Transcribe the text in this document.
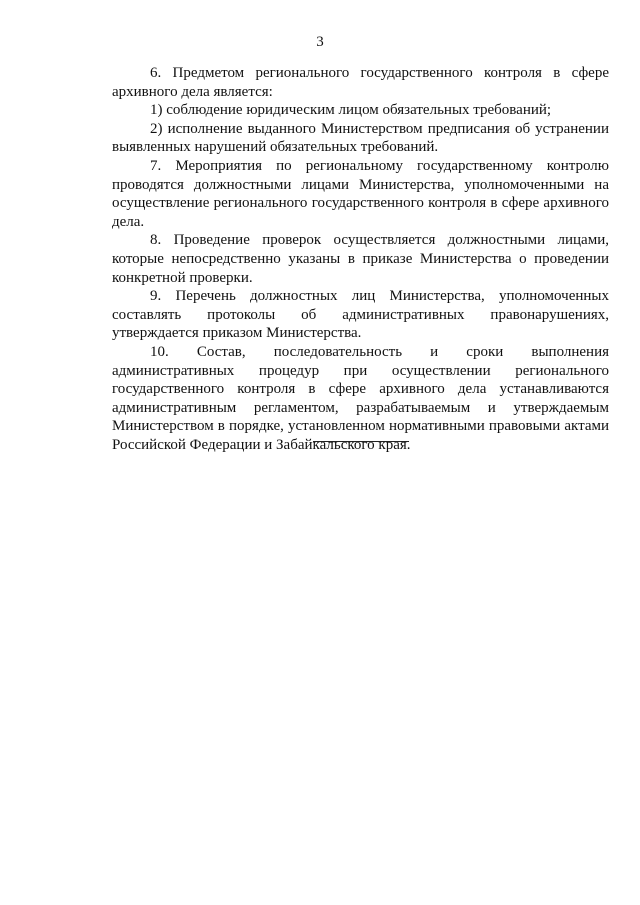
3

6. Предметом регионального государственного контроля в сфере архивного дела является:

1) соблюдение юридическим лицом обязательных требований;

2) исполнение выданного Министерством предписания об устранении выявленных нарушений обязательных требований.

7. Мероприятия по региональному государственному контролю проводятся должностными лицами Министерства, уполномоченными на осуществление регионального государственного контроля в сфере архивного дела.

8. Проведение проверок осуществляется должностными лицами, которые непосредственно указаны в приказе Министерства о проведении конкретной проверки.

9. Перечень должностных лиц Министерства, уполномоченных составлять протоколы об административных правонарушениях, утверждается приказом Министерства.

10. Состав, последовательность и сроки выполнения административных процедур при осуществлении регионального государственного контроля в сфере архивного дела устанавливаются административным регламентом, разрабатываемым и утверждаемым Министерством в порядке, установленном нормативными правовыми актами Российской Федерации и Забайкальского края.
